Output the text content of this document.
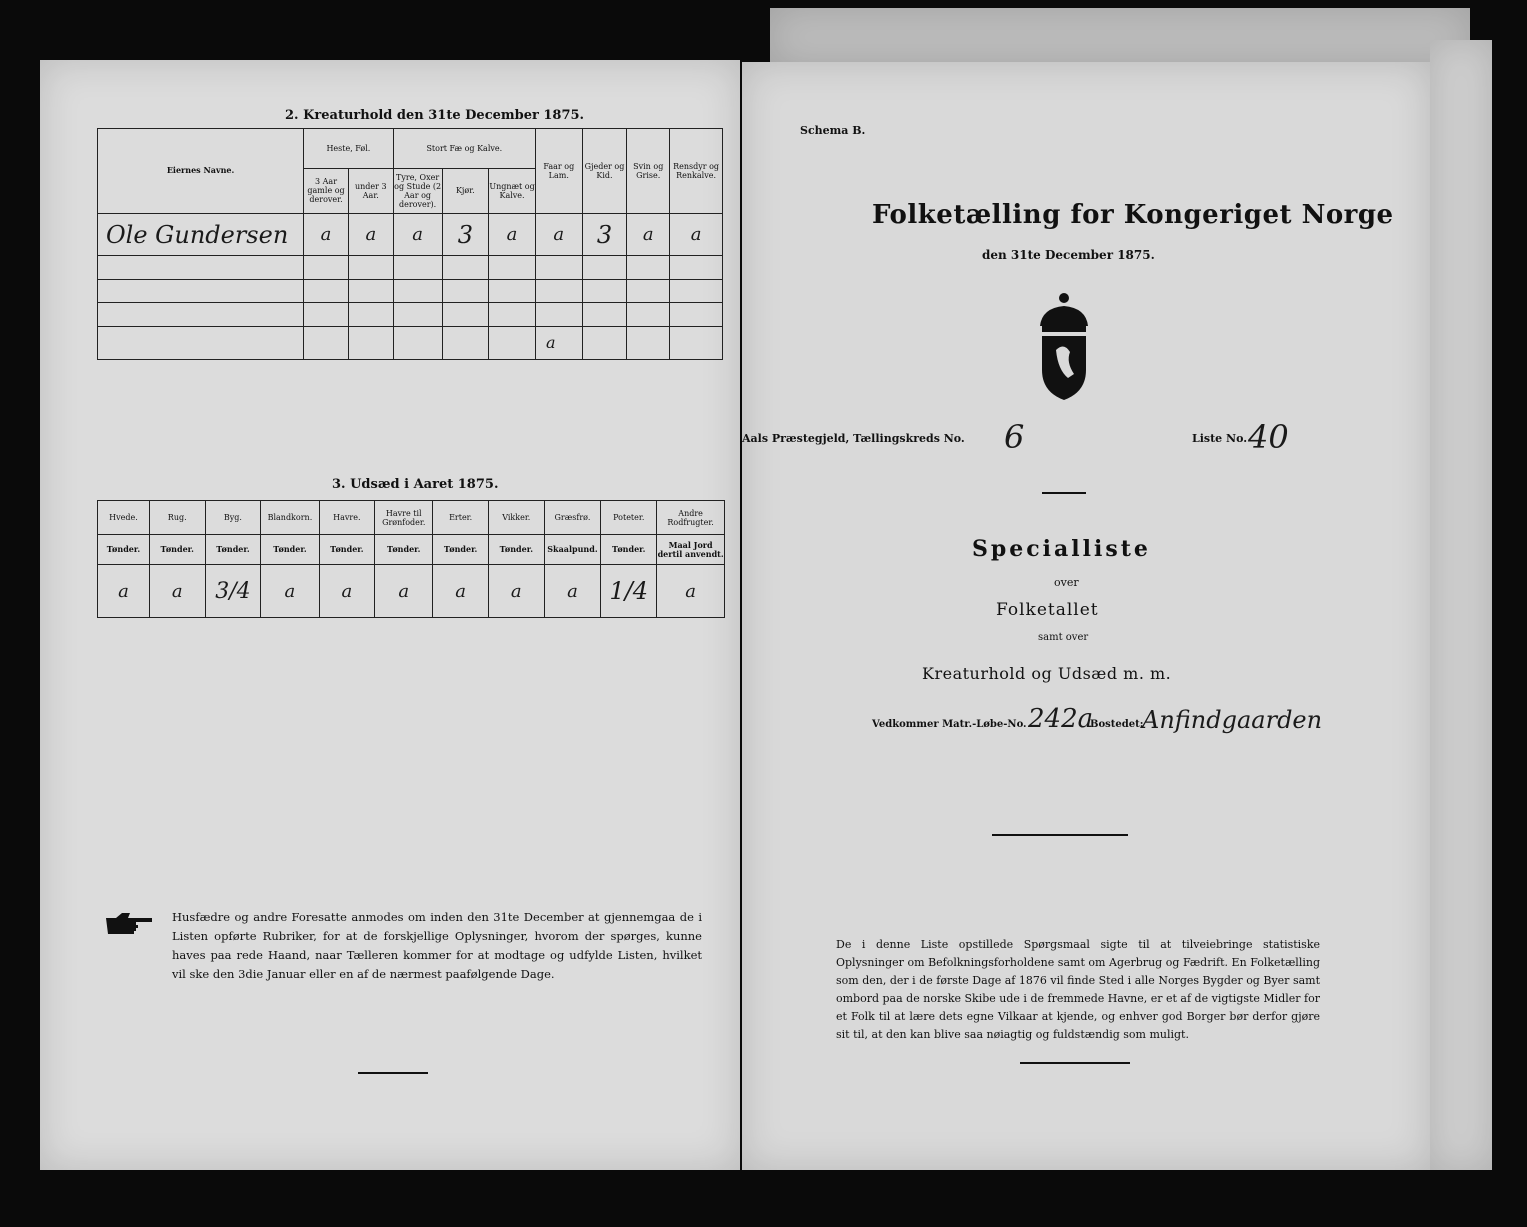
2. Kreaturhold den 31te December 1875.
Eiernes Navne.	Heste, Føl.		Stort Fæ og Kalve.			Faar og Lam.	Gjeder og Kid.	Svin og Grise.	Rensdyr og Renkalve.
	3 Aar gamle og derover.	under 3 Aar.	Tyre, Oxer og Stude (2 Aar og derover).	Kjør.	Ungnæt og Kalve.				
Ole Gundersen	a	a	a	3	a	a	3	a	a

						a			
3. Udsæd i Aaret 1875.
Hvede.	Rug.	Byg.	Blandkorn.	Havre.	Havre til Grønfoder.	Erter.	Vikker.	Græsfrø.	Poteter.	Andre Rodfrugter.
Tønder.	Tønder.	Tønder.	Tønder.	Tønder.	Tønder.	Tønder.	Tønder.	Skaalpund.	Tønder.	Maal Jord dertil anvendt.
a	a	3/4	a	a	a	a	a	a	1/4	a
Husfædre og andre Foresatte anmodes om inden den 31te December at gjennemgaa de i Listen opførte Rubriker, for at de forskjellige Oplysninger, hvorom der spørges, kunne haves paa rede Haand, naar Tælleren kommer for at modtage og udfylde Listen, hvilket vil ske den 3die Januar eller en af de nærmest paafølgende Dage.
Schema B.
Folketælling for Kongeriget Norge
den 31te December 1875.
Aals Præstegjeld, Tællingskreds No. 6	Liste No. 40
Specialliste
over
Folketallet
samt over
Kreaturhold og Udsæd m. m.
Vedkommer Matr.-Løbe-No. 242a
Bostedet:
Anfindgaarden
De i denne Liste opstillede Spørgsmaal sigte til at tilveiebringe statistiske Oplysninger om Befolkningsforholdene samt om Agerbrug og Fædrift. En Folketælling som den, der i de første Dage af 1876 vil finde Sted i alle Norges Bygder og Byer samt ombord paa de norske Skibe ude i de fremmede Havne, er et af de vigtigste Midler for et Folk til at lære dets egne Vilkaar at kjende, og enhver god Borger bør derfor gjøre sit til, at den kan blive saa nøiagtig og fuldstændig som muligt.
